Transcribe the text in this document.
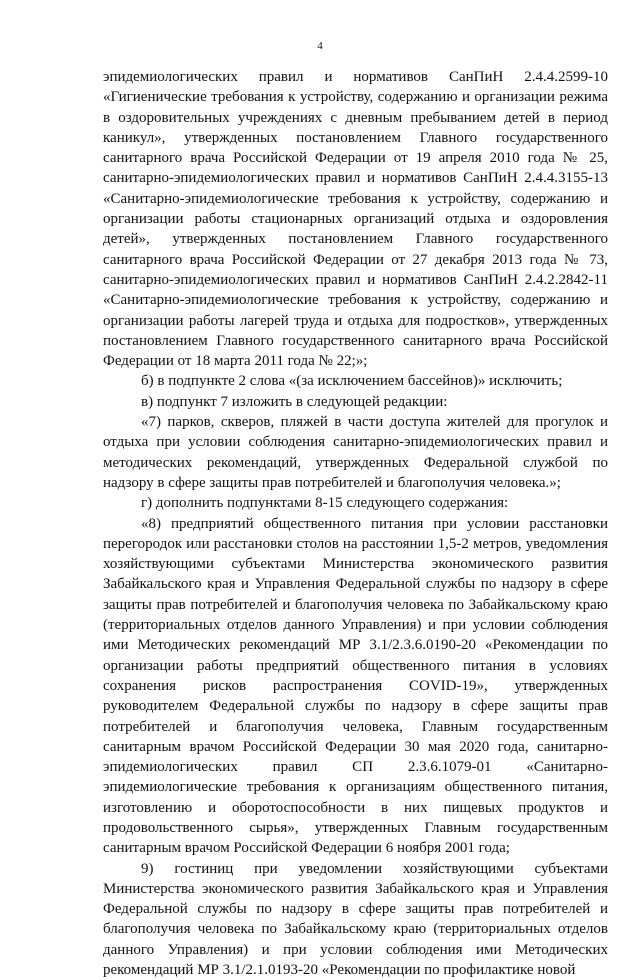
4

эпидемиологических правил и нормативов СанПиН 2.4.4.2599-10 «Гигиенические требования к устройству, содержанию и организации режима в оздоровительных учреждениях с дневным пребыванием детей в период каникул», утвержденных постановлением Главного государственного санитарного врача Российской Федерации от 19 апреля 2010 года № 25, санитарно-эпидемиологических правил и нормативов СанПиН 2.4.4.3155-13 «Санитарно-эпидемиологические требования к устройству, содержанию и организации работы стационарных организаций отдыха и оздоровления детей», утвержденных постановлением Главного государственного санитарного врача Российской Федерации от 27 декабря 2013 года № 73, санитарно-эпидемиологических правил и нормативов СанПиН 2.4.2.2842-11 «Санитарно-эпидемиологические требования к устройству, содержанию и организации работы лагерей труда и отдыха для подростков», утвержденных постановлением Главного государственного санитарного врача Российской Федерации от 18 марта 2011 года № 22;»;

б) в подпункте 2 слова «(за исключением бассейнов)» исключить;

в) подпункт 7 изложить в следующей редакции:

«7) парков, скверов, пляжей в части доступа жителей для прогулок и отдыха при условии соблюдения санитарно-эпидемиологических правил и методических рекомендаций, утвержденных Федеральной службой по надзору в сфере защиты прав потребителей и благополучия человека.»;

г) дополнить подпунктами 8-15 следующего содержания:

«8) предприятий общественного питания при условии расстановки перегородок или расстановки столов на расстоянии 1,5-2 метров, уведомления хозяйствующими субъектами Министерства экономического развития Забайкальского края и Управления Федеральной службы по надзору в сфере защиты прав потребителей и благополучия человека по Забайкальскому краю (территориальных отделов данного Управления) и при условии соблюдения ими Методических рекомендаций МР 3.1/2.3.6.0190-20 «Рекомендации по организации работы предприятий общественного питания в условиях сохранения рисков распространения COVID-19», утвержденных руководителем Федеральной службы по надзору в сфере защиты прав потребителей и благополучия человека, Главным государственным санитарным врачом Российской Федерации 30 мая 2020 года, санитарно-эпидемиологических правил СП 2.3.6.1079-01 «Санитарно-эпидемиологические требования к организациям общественного питания, изготовлению и оборотоспособности в них пищевых продуктов и продовольственного сырья», утвержденных Главным государственным санитарным врачом Российской Федерации 6 ноября 2001 года;

9) гостиниц при уведомлении хозяйствующими субъектами Министерства экономического развития Забайкальского края и Управления Федеральной службы по надзору в сфере защиты прав потребителей и благополучия человека по Забайкальскому краю (территориальных отделов данного Управления) и при условии соблюдения ими Методических рекомендаций МР 3.1/2.1.0193-20 «Рекомендации по профилактике новой
